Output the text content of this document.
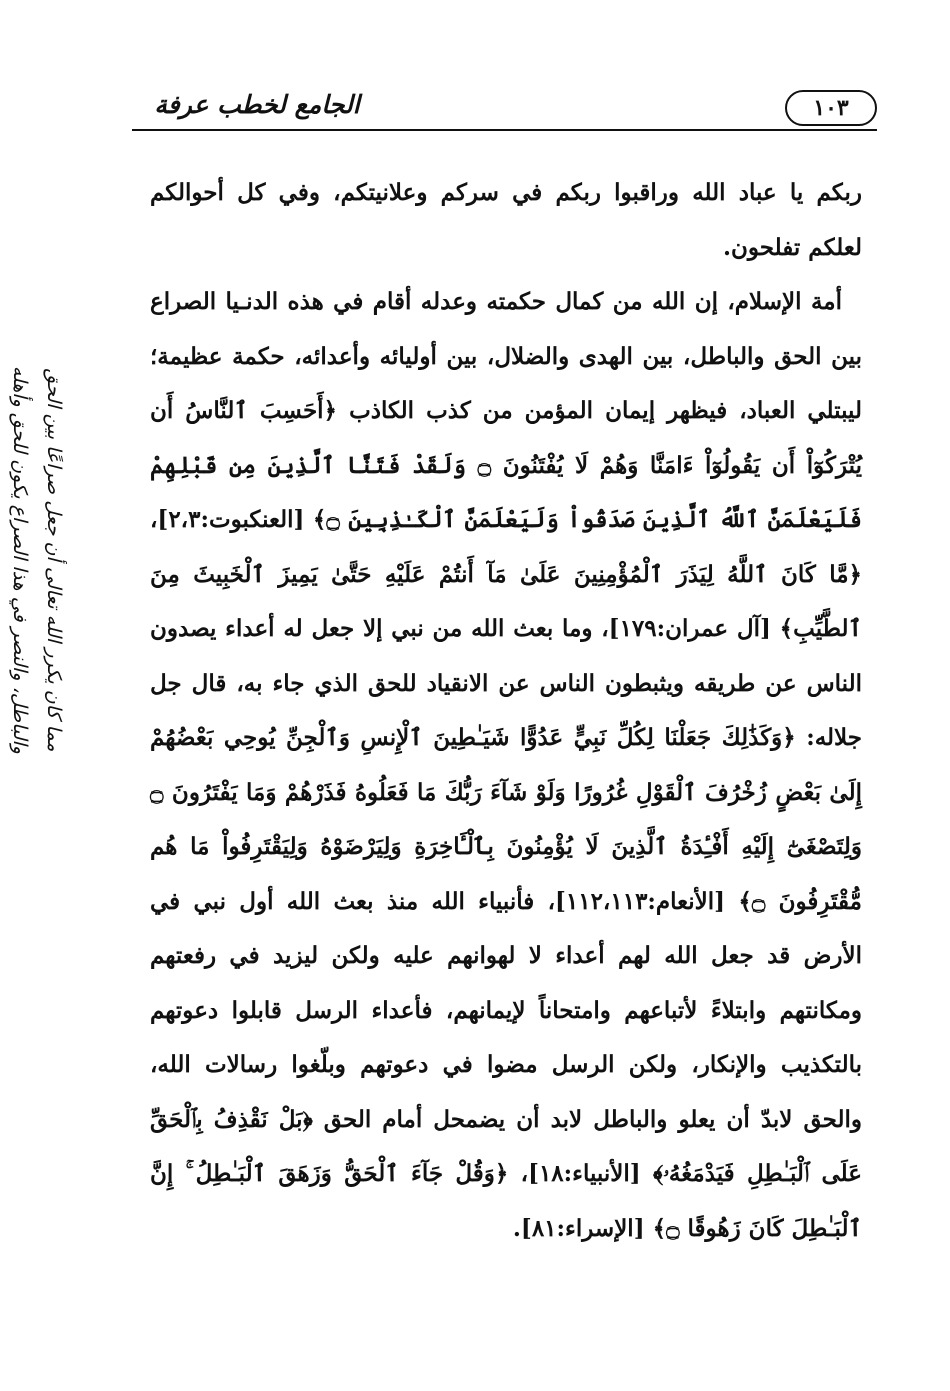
١٠٣
الجامع لخطب عرفة
مما كان يكرر الله تعالى أن جعل صراعًا بين الحق
والباطل، والنصر في هذا الصراع يكون للحق وأهله

ربكم يا عباد الله وراقبوا ربكم في سركم وعلانيتكم، وفي كل أحوالكم لعلكم تفلحون.

أمة الإسلام، إن الله من كمال حكمته وعدله أقام في هذه الدنـيا الصراع بين الحق والباطل، بين الهدى والضلال، بين أوليائه وأعدائه، حكمة عظيمة؛ ليبتلي العباد، فيظهر إيمان المؤمن من كذب الكاذب ﴿أَحَسِبَ ٱلنَّاسُ أَن يُتْرَكُوٓاْ أَن يَقُولُوٓاْ ءَامَنَّا وَهُمْ لَا يُفْتَنُونَ ۝ وَلَقَدْ فَتَنَّا ٱلَّذِينَ مِن قَبْلِهِمْ فَلَيَعْلَمَنَّ ٱللَّهُ ٱلَّذِينَ صَدَقُواْ وَلَيَعْلَمَنَّ ٱلْكَـٰذِبِينَ ۝﴾ [العنكبوت:٢،٣]، ﴿مَّا كَانَ ٱللَّهُ لِيَذَرَ ٱلْمُؤْمِنِينَ عَلَىٰ مَآ أَنتُمْ عَلَيْهِ حَتَّىٰ يَمِيزَ ٱلْخَبِيثَ مِنَ ٱلطَّيِّبِ﴾ [آل عمران:١٧٩]، وما بعث الله من نبي إلا جعل له أعداء يصدون الناس عن طريقه ويثبطون الناس عن الانقياد للحق الذي جاء به، قال جل جلاله: ﴿وَكَذَٰلِكَ جَعَلْنَا لِكُلِّ نَبِيٍّ عَدُوًّا شَيَـٰطِينَ ٱلْإِنسِ وَٱلْجِنِّ يُوحِي بَعْضُهُمْ إِلَىٰ بَعْضٍ زُخْرُفَ ٱلْقَوْلِ غُرُورًا وَلَوْ شَآءَ رَبُّكَ مَا فَعَلُوهُ فَذَرْهُمْ وَمَا يَفْتَرُونَ ۝ وَلِتَصْغَىٰٓ إِلَيْهِ أَفْـِٔدَةُ ٱلَّذِينَ لَا يُؤْمِنُونَ بِٱلْـَٔاخِرَةِ وَلِيَرْضَوْهُ وَلِيَقْتَرِفُواْ مَا هُم مُّقْتَرِفُونَ ۝﴾ [الأنعام:١١٢،١١٣]، فأنبياء الله منذ بعث الله أول نبي في الأرض قد جعل الله لهم أعداء لا لهوانهم عليه ولكن ليزيد في رفعتهم ومكانتهم وابتلاءً لأتباعهم وامتحاناً لإيمانهم، فأعداء الرسل قابلوا دعوتهم بالتكذيب والإنكار، ولكن الرسل مضوا في دعوتهم وبلّغوا رسالات الله، والحق لابدّ أن يعلو والباطل لابد أن يضمحل أمام الحق ﴿بَلْ نَقْذِفُ بِٱلْحَقِّ عَلَى ٱلْبَـٰطِلِ فَيَدْمَغُهُۥ﴾ [الأنبياء:١٨]، ﴿وَقُلْ جَآءَ ٱلْحَقُّ وَزَهَقَ ٱلْبَـٰطِلُ ۚ إِنَّ ٱلْبَـٰطِلَ كَانَ زَهُوقًا ۝﴾ [الإسراء:٨١].
